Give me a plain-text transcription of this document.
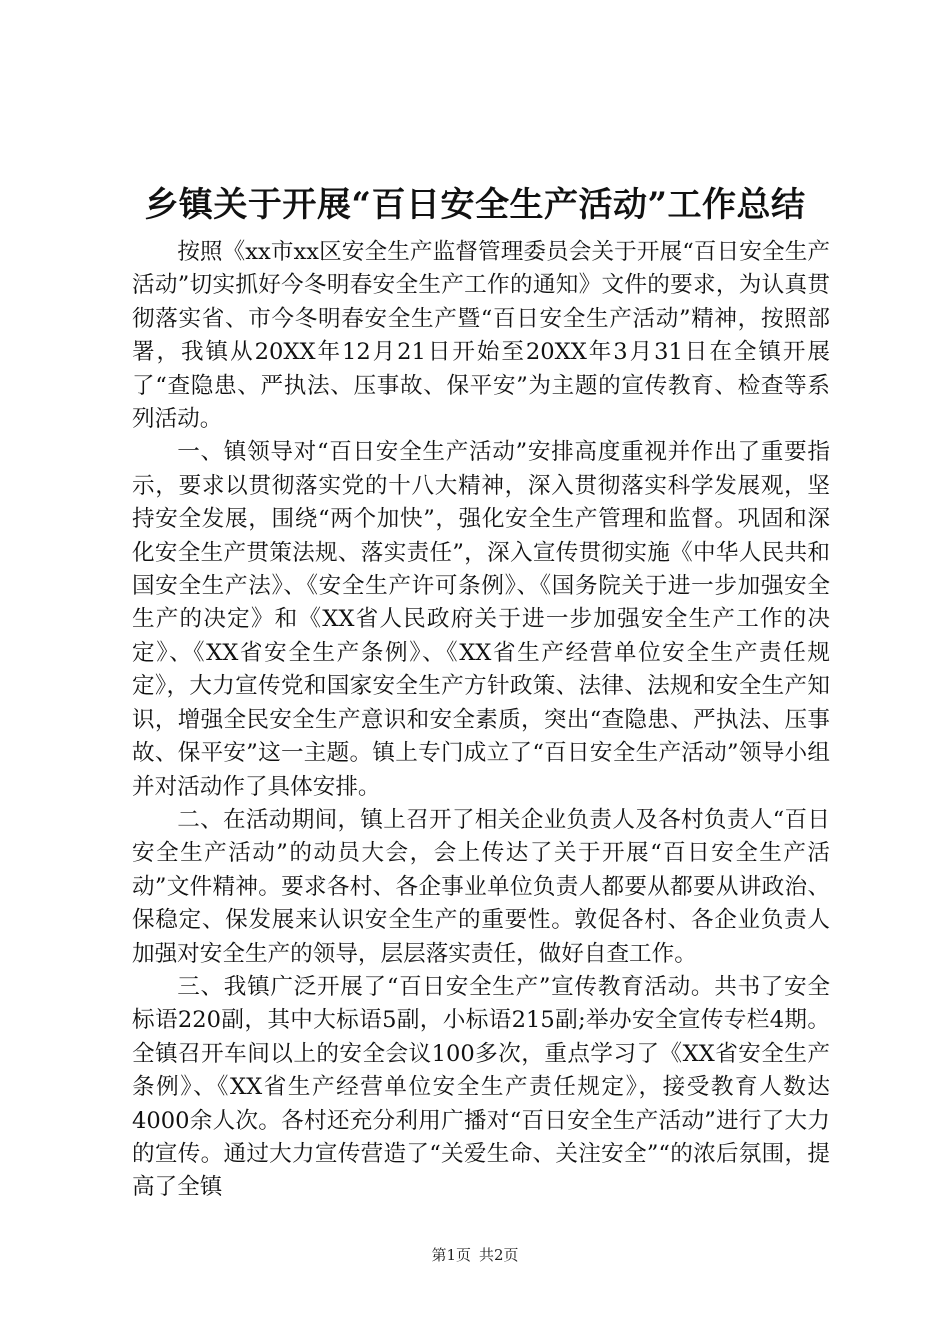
乡镇关于开展“百日安全生产活动”工作总结

按照《xx市xx区安全生产监督管理委员会关于开展“百日安全生产活动”切实抓好今冬明春安全生产工作的通知》文件的要求，为认真贯彻落实省、市今冬明春安全生产暨“百日安全生产活动”精神，按照部署，我镇从20XX年12月21日开始至20XX年3月31日在全镇开展了“查隐患、严执法、压事故、保平安”为主题的宣传教育、检查等系列活动。

一、镇领导对“百日安全生产活动”安排高度重视并作出了重要指示，要求以贯彻落实党的十八大精神，深入贯彻落实科学发展观，坚持安全发展，围绕“两个加快”，强化安全生产管理和监督。巩固和深化安全生产贯策法规、落实责任”，深入宣传贯彻实施《中华人民共和国安全生产法》、《安全生产许可条例》、《国务院关于进一步加强安全生产的决定》和《XX省人民政府关于进一步加强安全生产工作的决定》、《XX省安全生产条例》、《XX省生产经营单位安全生产责任规定》，大力宣传党和国家安全生产方针政策、法律、法规和安全生产知识，增强全民安全生产意识和安全素质，突出“查隐患、严执法、压事故、保平安”这一主题。镇上专门成立了“百日安全生产活动”领导小组并对活动作了具体安排。

二、在活动期间，镇上召开了相关企业负责人及各村负责人“百日安全生产活动”的动员大会，会上传达了关于开展“百日安全生产活动”文件精神。要求各村、各企事业单位负责人都要从都要从讲政治、保稳定、保发展来认识安全生产的重要性。敦促各村、各企业负责人加强对安全生产的领导，层层落实责任，做好自查工作。

三、我镇广泛开展了“百日安全生产”宣传教育活动。共书了安全标语220副，其中大标语5副，小标语215副;举办安全宣传专栏4期。全镇召开车间以上的安全会议100多次，重点学习了《XX省安全生产条例》、《XX省生产经营单位安全生产责任规定》，接受教育人数达4000余人次。各村还充分利用广播对“百日安全生产活动”进行了大力的宣传。通过大力宣传营造了“关爱生命、关注安全”“的浓后氛围，提高了全镇

第1页 共2页
